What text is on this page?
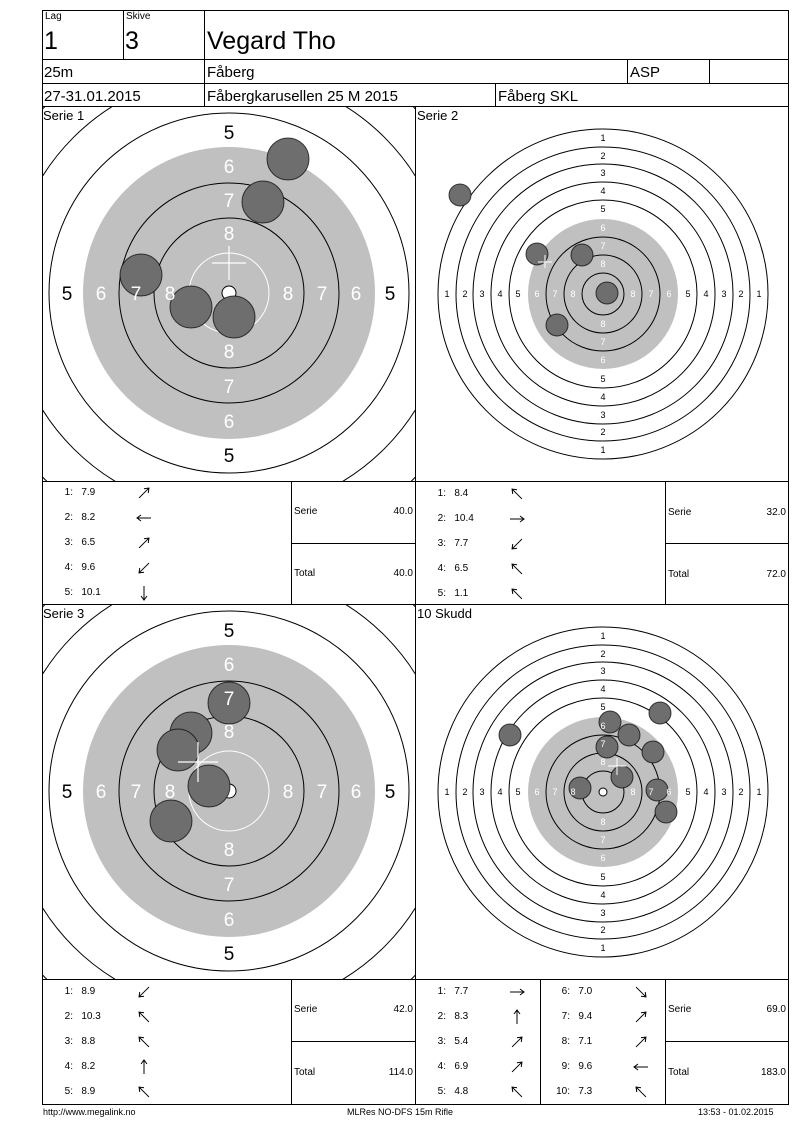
Lag
1
Skive
3	Vegard Tho
25m	Fåberg	ASP
27-31.01.2015	Fåbergkarusellen 25 M 2015	Fåberg SKL
Serie 1
5
5
5	5
6
6
6	6
7
7
7	7
8
8
8	8
Serie 2
1
1
1	1
2
2
2	2
3
3
3	3
4
4
4	4
5
5
5	5
6
6
6	6
7
7
7	7
8
8
8	8
1: 7.9
2: 8.2
3: 6.5
4: 9.6
5: 10.1
Serie	40.0
Total	40.0
1: 8.4
2: 10.4
3: 7.7
4: 6.5
5: 1.1
Serie	32.0
Total	72.0
Serie 3
5
5
5	5
6
6
6	6
7
7
7	7
8
8
8	8
10 Skudd
1
1
1	1
2
2
2	2
3
3
3	3
4
4
4	4
5
5
5	5
6
6
6	6
7
7
7	7
8
8
8	8
1: 8.9
2: 10.3
3: 8.8
4: 8.2
5: 8.9
Serie	42.0
Total	114.0
1: 7.7
2: 8.3
3: 5.4
4: 6.9
5: 4.8
6: 7.0
7: 9.4
8: 7.1
9: 9.6
10: 7.3
Serie	69.0
Total	183.0
http://www.megalink.no	MLRes NO-DFS 15m Rifle	13:53 - 01.02.2015
